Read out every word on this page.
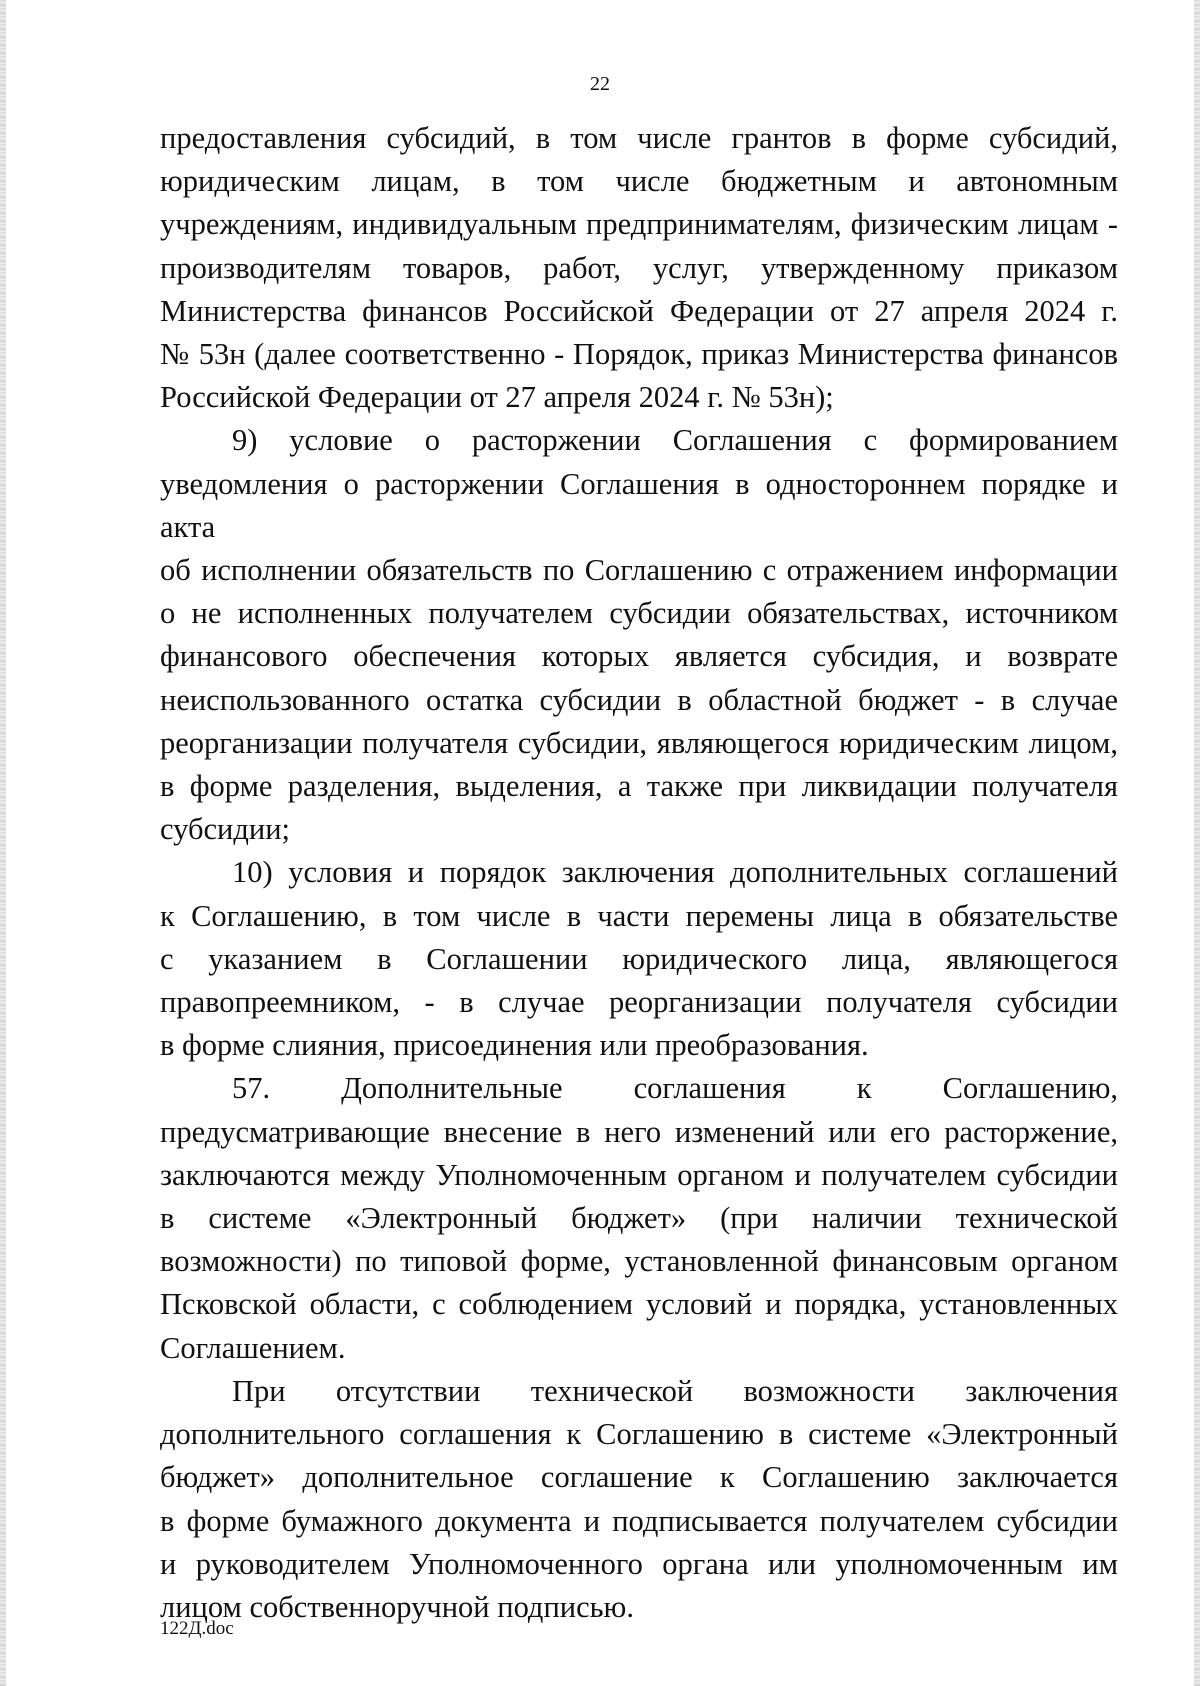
22

предоставления субсидий, в том числе грантов в форме субсидий,

юридическим лицам, в том числе бюджетным и автономным

учреждениям, индивидуальным предпринимателям, физическим лицам -

производителям товаров, работ, услуг, утвержденному приказом

Министерства финансов Российской Федерации от 27 апреля 2024 г.

№ 53н (далее соответственно - Порядок, приказ Министерства финансов

Российской Федерации от 27 апреля 2024 г. № 53н);

9) условие о расторжении Соглашения с формированием

уведомления о расторжении Соглашения в одностороннем порядке и акта

об исполнении обязательств по Соглашению с отражением информации

о не исполненных получателем субсидии обязательствах, источником

финансового обеспечения которых является субсидия, и возврате

неиспользованного остатка субсидии в областной бюджет - в случае

реорганизации получателя субсидии, являющегося юридическим лицом,

в форме разделения, выделения, а также при ликвидации получателя

субсидии;

10) условия и порядок заключения дополнительных соглашений

к Соглашению, в том числе в части перемены лица в обязательстве

с указанием в Соглашении юридического лица, являющегося

правопреемником, - в случае реорганизации получателя субсидии

в форме слияния, присоединения или преобразования.

57. Дополнительные соглашения к Соглашению,

предусматривающие внесение в него изменений или его расторжение,

заключаются между Уполномоченным органом и получателем субсидии

в системе «Электронный бюджет» (при наличии технической

возможности) по типовой форме, установленной финансовым органом

Псковской области, с соблюдением условий и порядка, установленных

Соглашением.

При отсутствии технической возможности заключения

дополнительного соглашения к Соглашению в системе «Электронный

бюджет» дополнительное соглашение к Соглашению заключается

в форме бумажного документа и подписывается получателем субсидии

и руководителем Уполномоченного органа или уполномоченным им

лицом собственноручной подписью.

122Д.doc
